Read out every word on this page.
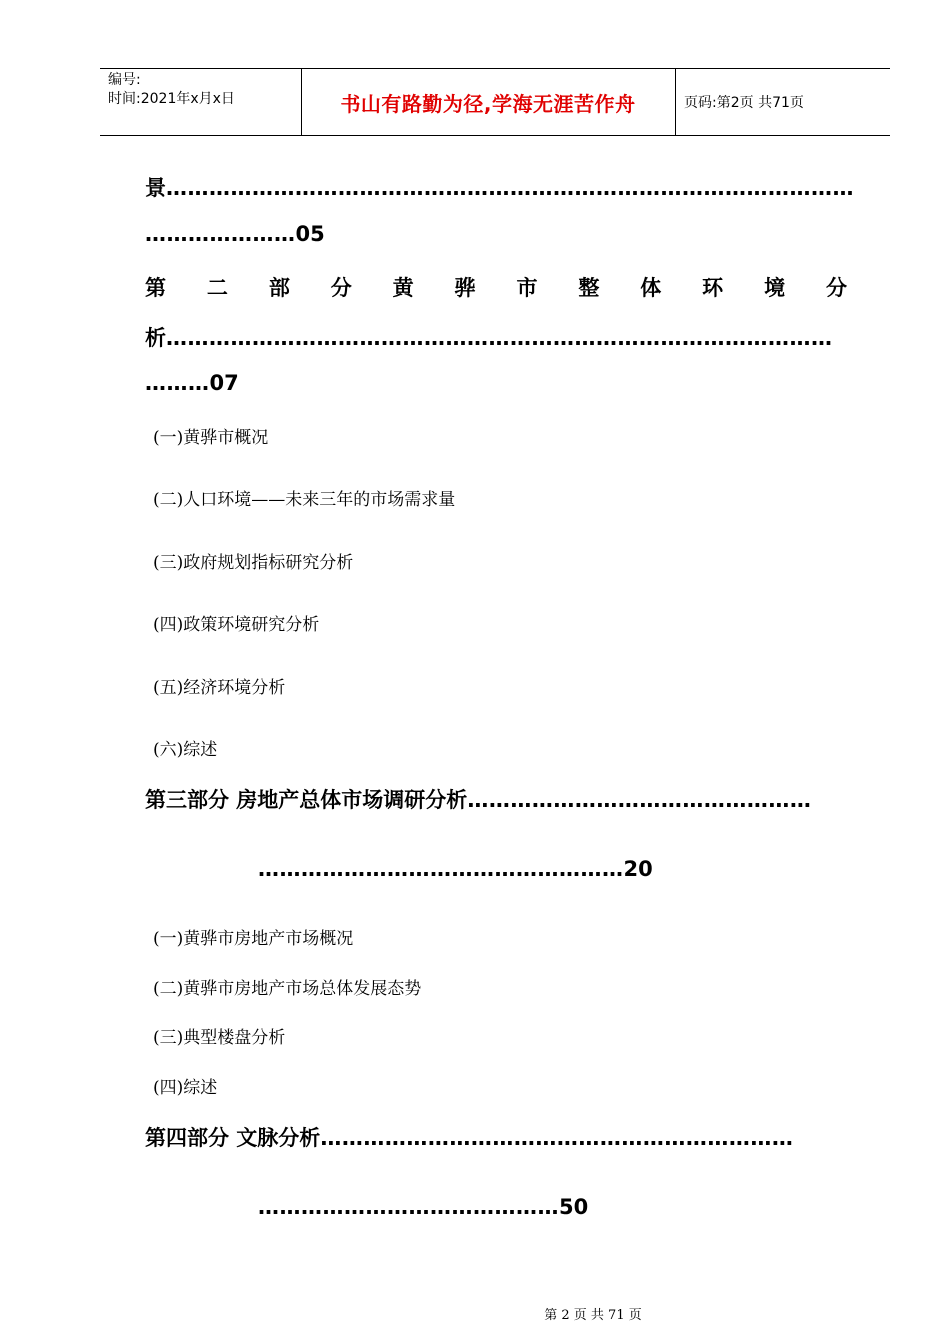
编号:
时间:2021年x月x日	书山有路勤为径,学海无涯苦作舟	页码:第2页 共71页
景……………………………………………………………………………………
…………………05
第 二 部 分 黄 骅 市 整 体 环 境 分
析…………………………………………………………………………………
………07
(一)黄骅市概况
(二)人口环境——未来三年的市场需求量
(三)政府规划指标研究分析
(四)政策环境研究分析
(五)经济环境分析
(六)综述
第三部分 房地产总体市场调研分析…………………………………………
……………………………………………20
(一)黄骅市房地产市场概况
(二)黄骅市房地产市场总体发展态势
(三)典型楼盘分析
(四)综述
第四部分 文脉分析…………………………………………………………
……………………………………50
第 2 页 共 71 页
